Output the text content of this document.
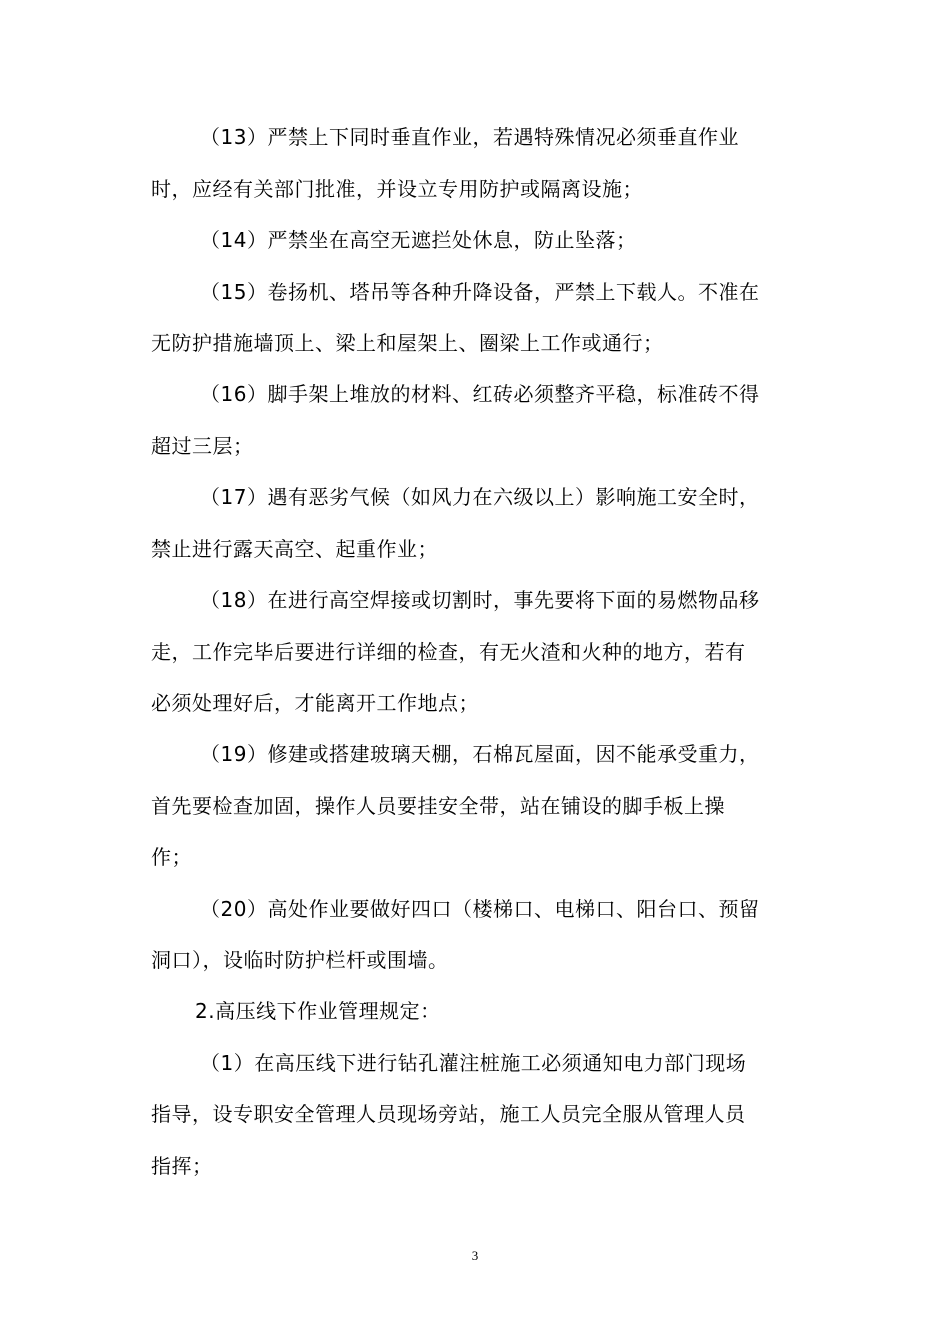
（13）严禁上下同时垂直作业，若遇特殊情况必须垂直作业
时，应经有关部门批准，并设立专用防护或隔离设施；
（14）严禁坐在高空无遮拦处休息，防止坠落；
（15）卷扬机、塔吊等各种升降设备，严禁上下载人。不准在
无防护措施墙顶上、梁上和屋架上、圈梁上工作或通行；
（16）脚手架上堆放的材料、红砖必须整齐平稳，标准砖不得
超过三层；
（17）遇有恶劣气候（如风力在六级以上）影响施工安全时，
禁止进行露天高空、起重作业；
（18）在进行高空焊接或切割时，事先要将下面的易燃物品移
走，工作完毕后要进行详细的检查，有无火渣和火种的地方，若有
必须处理好后，才能离开工作地点；
（19）修建或搭建玻璃天棚，石棉瓦屋面，因不能承受重力，
首先要检查加固，操作人员要挂安全带，站在铺设的脚手板上操
作；
（20）高处作业要做好四口（楼梯口、电梯口、阳台口、预留
洞口），设临时防护栏杆或围墙。
2.高压线下作业管理规定：
（1）在高压线下进行钻孔灌注桩施工必须通知电力部门现场
指导，设专职安全管理人员现场旁站，施工人员完全服从管理人员
指挥；
3
